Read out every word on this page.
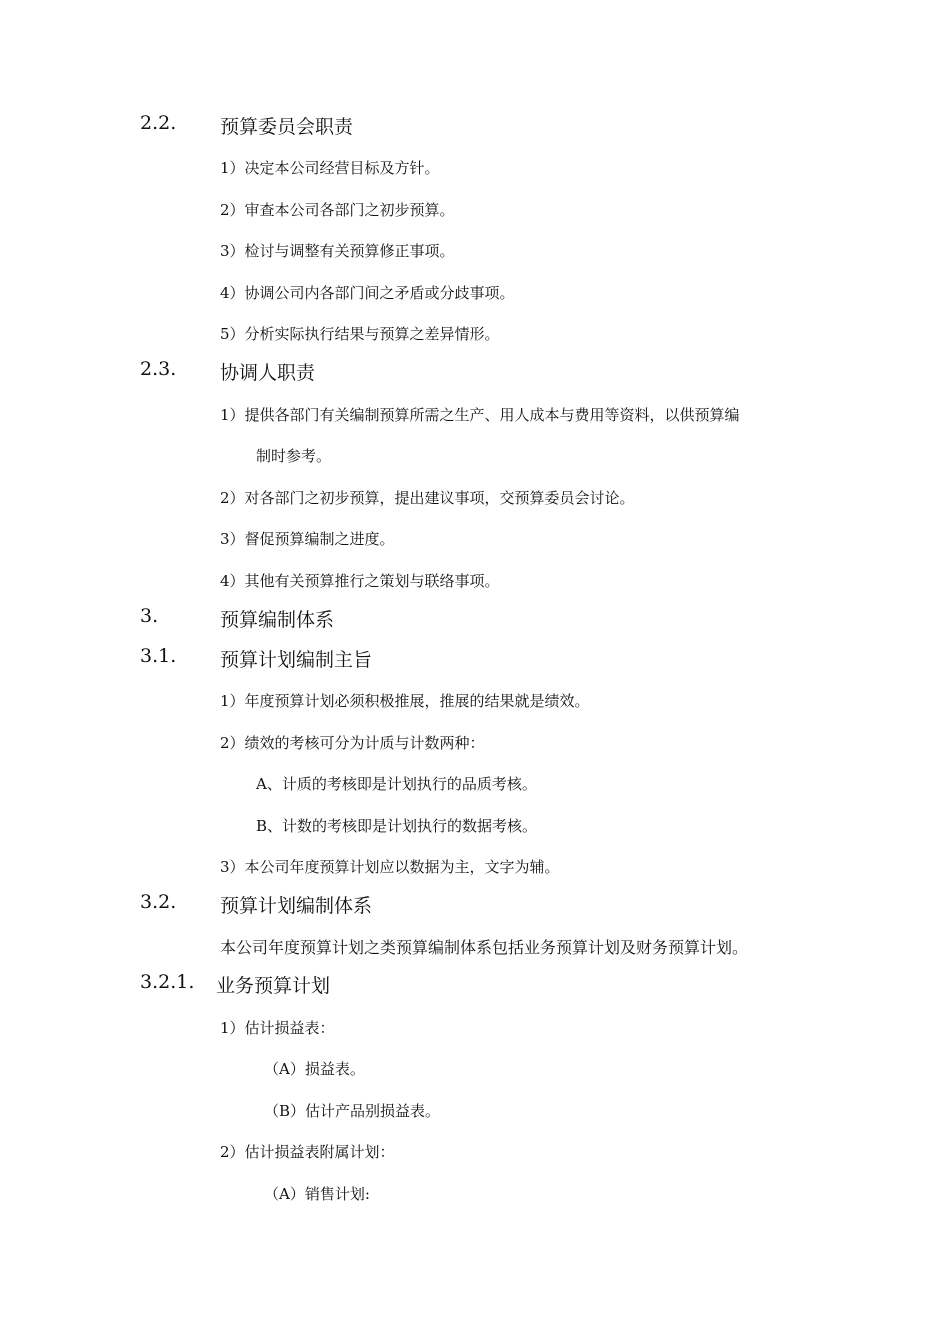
2.2. 预算委员会职责
1）决定本公司经营目标及方针。
2）审查本公司各部门之初步预算。
3）检讨与调整有关预算修正事项。
4）协调公司内各部门间之矛盾或分歧事项。
5）分析实际执行结果与预算之差异情形。
2.3. 协调人职责
1）提供各部门有关编制预算所需之生产、用人成本与费用等资料，以供预算编
制时参考。
2）对各部门之初步预算，提出建议事项，交预算委员会讨论。
3）督促预算编制之进度。
4）其他有关预算推行之策划与联络事项。
3.	预算编制体系
3.1. 预算计划编制主旨
1）年度预算计划必须积极推展，推展的结果就是绩效。
2）绩效的考核可分为计质与计数两种：
A、计质的考核即是计划执行的品质考核。
B、计数的考核即是计划执行的数据考核。
3）本公司年度预算计划应以数据为主，文字为辅。
3.2. 预算计划编制体系
本公司年度预算计划之类预算编制体系包括业务预算计划及财务预算计划。
3.2.1. 业务预算计划
1）估计损益表：
（A）损益表。
（B）估计产品别损益表。
2）估计损益表附属计划：
（A）销售计划:
